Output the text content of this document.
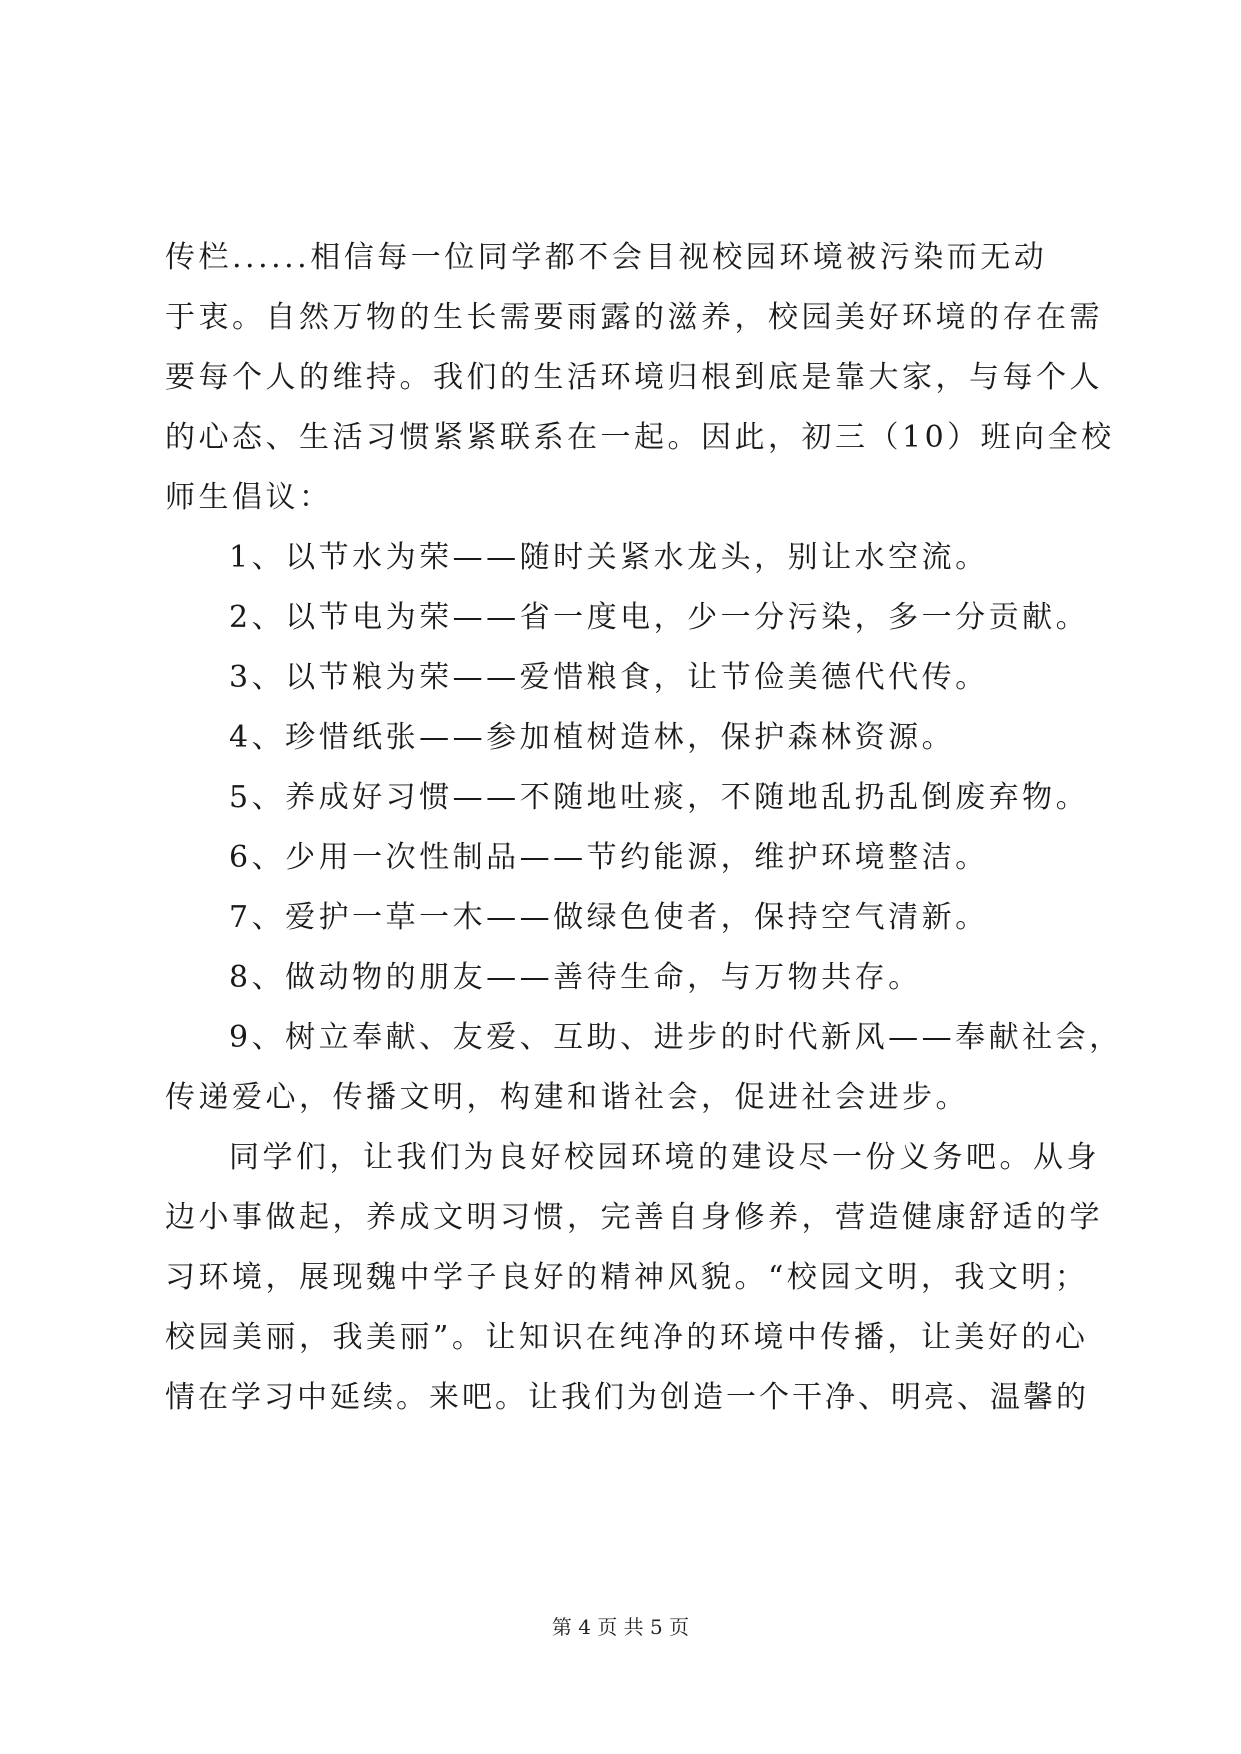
传栏......相信每一位同学都不会目视校园环境被污染而无动

于衷。自然万物的生长需要雨露的滋养，校园美好环境的存在需

要每个人的维持。我们的生活环境归根到底是靠大家，与每个人

的心态、生活习惯紧紧联系在一起。因此，初三（10）班向全校

师生倡议：

1、以节水为荣——随时关紧水龙头，别让水空流。

2、以节电为荣——省一度电，少一分污染，多一分贡献。

3、以节粮为荣——爱惜粮食，让节俭美德代代传。

4、珍惜纸张——参加植树造林，保护森林资源。

5、养成好习惯——不随地吐痰，不随地乱扔乱倒废弃物。

6、少用一次性制品——节约能源，维护环境整洁。

7、爱护一草一木——做绿色使者，保持空气清新。

8、做动物的朋友——善待生命，与万物共存。

9、树立奉献、友爱、互助、进步的时代新风——奉献社会，

传递爱心，传播文明，构建和谐社会，促进社会进步。

同学们，让我们为良好校园环境的建设尽一份义务吧。从身

边小事做起，养成文明习惯，完善自身修养，营造健康舒适的学

习环境，展现魏中学子良好的精神风貌。“校园文明，我文明；

校园美丽，我美丽”。让知识在纯净的环境中传播，让美好的心

情在学习中延续。来吧。让我们为创造一个干净、明亮、温馨的

第 4 页 共 5 页
